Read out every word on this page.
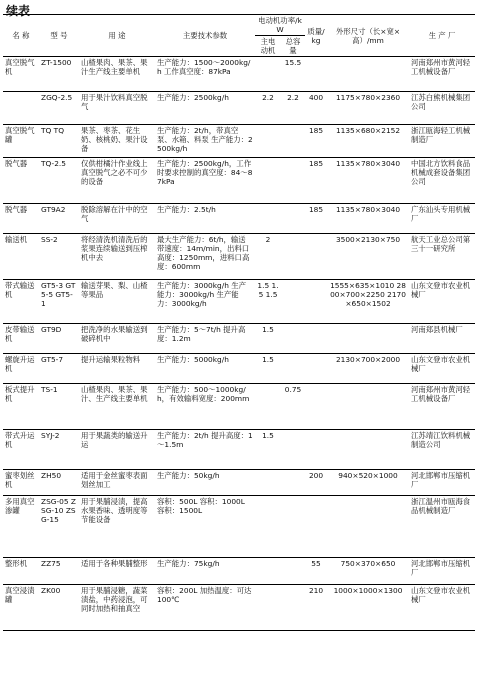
续表
名 称	型 号	用 途	主要技术参数	电动机功率/kW		质量/kg	外形尺寸（长×宽×高）/mm	生 产 厂
				主电动机	总容量			
真空脱气机	ZT-1500	山楂果肉、果茶、果汁生产线主要单机	生产能力：1500～2000kg/h 工作真空度：87kPa		15.5			河南郑州市黄河轻工机械设备厂
	ZGQ-2.5	用于果汁饮料真空脱气	生产能力：2500kg/h	2.2	2.2	400	1175×780×2360	江苏白熊机械集团公司
真空脱气罐	TQ TQ	果茶、枣茶、花生奶、核桃奶、果汁设备	生产能力：2t/h，带真空泵、水箱、料泵 生产能力：2500kg/h			185	1135×680×2152	浙江瓯海轻工机械制造厂
脱气器	TQ-2.5	仅供柑橘汁作业线上真空脱气之必不可少的设备	生产能力：2500kg/h，工作时要求控制的真空度：84～87kPa			185	1135×780×3040	中国北方饮料食品机械成套设备集团公司
脱气器	GT9A2	脱除溶解在汁中的空气	生产能力：2.5t/h			185	1135×780×3040	广东汕头专用机械厂
输送机	SS-2	将经清洗机清洗后的浆果连续输送到压榨机中去	最大生产能力：6t/h，输送带速度：14m/min，出料口高度：1250mm，进料口高度：600mm	2			3500×2130×750	航天工业总公司第三十一研究所
带式输送机	GT5-3 GT5-5 GT5-1	输送芽果、梨、山楂等果品	生产能力：3000kg/h 生产能力：3000kg/h 生产能力：3000kg/h	1.5 1.5 1.5			1555×635×1010 2800×700×2250 2170×650×1502	山东文登市农业机械厂
皮带输送机	GT9D	把洗净的水果输送到破碎机中	生产能力：5～7t/h 提升高度：1.2m	1.5				河南郑县机械厂
螺旋升运机	GT5-7	提升运输果粒物料	生产能力：5000kg/h	1.5			2130×700×2000	山东文登市农业机械厂
板式提升机	TS-1	山楂果肉、果茶、果汁、生产线主要单机	生产能力：500～1000kg/h，有效输料宽度：200mm		0.75			河南郑州市黄河轻工机械设备厂
带式升运机	SYJ-2	用于果蔬类的输送升运	生产能力：2t/h 提升高度：1～1.5m	1.5				江苏靖江饮料机械制造公司
蜜枣划丝机	ZH50	适用于金丝蜜枣表面划丝加工	生产能力：50kg/h			200	940×520×1000	河北邯郸市压缩机厂
多用真空渗罐	ZSG-05 ZSG-10 ZSG-15	用于果脯浸渍，提高水果香味、透明度等节能设备	容积：500L 容积：1000L 容积：1500L					浙江温州市瓯海食品机械制造厂
整形机	ZZ75	适用于各种果脯整形	生产能力：75kg/h			55	750×370×650	河北邯郸市压缩机厂
真空浸渍罐	ZK00	用于果脯浸糖，蔬菜渍盐，中药浸泡，可同时加热和抽真空	容积：200L 加热温度：可达100℃			210	1000×1000×1300	山东文登市农业机械厂
